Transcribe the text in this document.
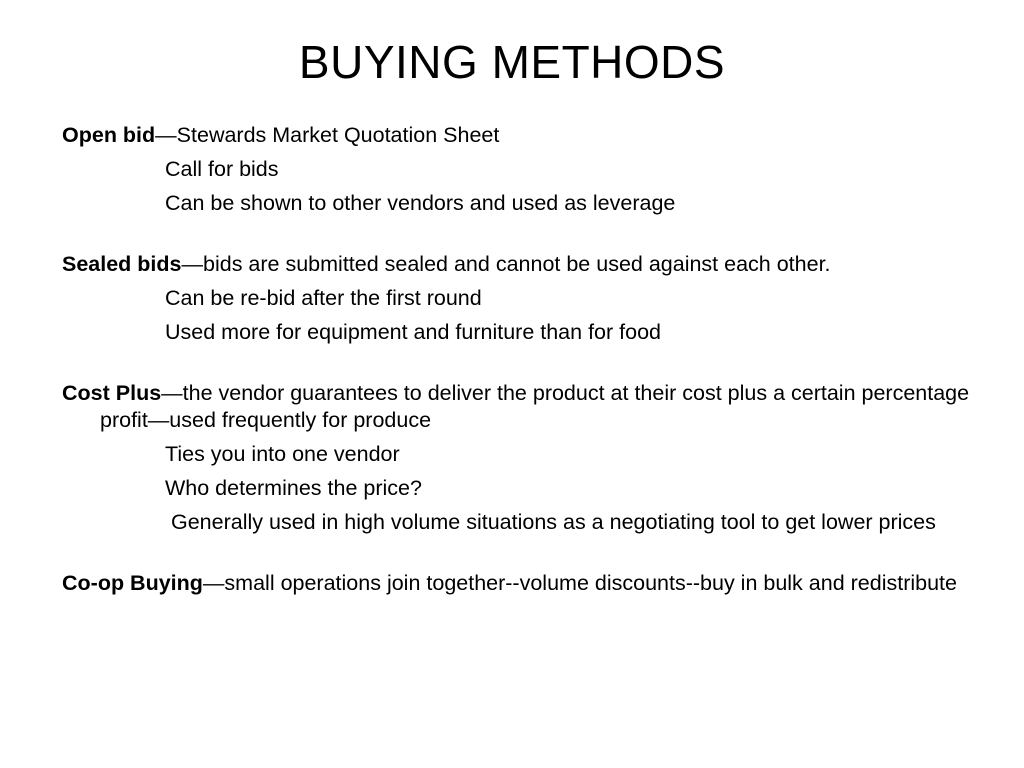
BUYING METHODS
Open bid—Stewards Market Quotation Sheet
Call for bids
Can be shown to other vendors and used as leverage
Sealed bids—bids are submitted sealed and cannot be used against each other.
Can be re-bid after the first round
Used more for equipment and furniture than for food
Cost Plus—the vendor guarantees to deliver the product at their cost plus a certain percentage profit—used frequently for produce
Ties you into one vendor
Who determines the price?
Generally used in high volume situations as a negotiating tool to get lower prices
Co-op Buying—small operations join together--volume discounts--buy in bulk and redistribute
